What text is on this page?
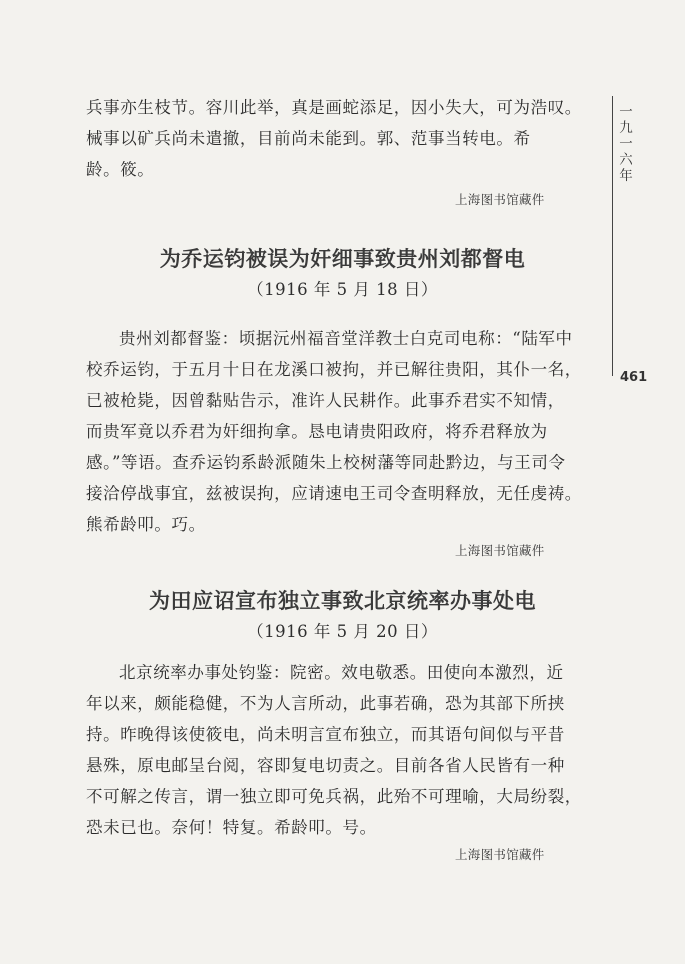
兵事亦生枝节。容川此举，真是画蛇添足，因小失大，可为浩叹。
械事以矿兵尚未遣撤，目前尚未能到。郭、范事当转电。希
龄。筱。

上海图书馆藏件
为乔运钧被误为奸细事致贵州刘都督电
（1916 年 5 月 18 日）

贵州刘都督鉴：顷据沅州福音堂洋教士白克司电称：“陆军中
校乔运钧，于五月十日在龙溪口被拘，并已解往贵阳，其仆一名，
已被枪毙，因曾黏贴告示，准许人民耕作。此事乔君实不知情，
而贵军竟以乔君为奸细拘拿。恳电请贵阳政府，将乔君释放为
感。”等语。查乔运钧系龄派随朱上校树藩等同赴黔边，与王司令
接洽停战事宜，兹被误拘，应请速电王司令查明释放，无任虔祷。
熊希龄叩。巧。

上海图书馆藏件
为田应诏宣布独立事致北京统率办事处电
（1916 年 5 月 20 日）

北京统率办事处钧鉴：院密。效电敬悉。田使向本激烈，近
年以来，颇能稳健，不为人言所动，此事若确，恐为其部下所挟
持。昨晚得该使筱电，尚未明言宣布独立，而其语句间似与平昔
悬殊，原电邮呈台阅，容即复电切责之。目前各省人民皆有一种
不可解之传言，谓一独立即可免兵祸，此殆不可理喻，大局纷裂，
恐未已也。奈何！特复。希龄叩。号。

上海图书馆藏件
一
九
一
六
年
461
